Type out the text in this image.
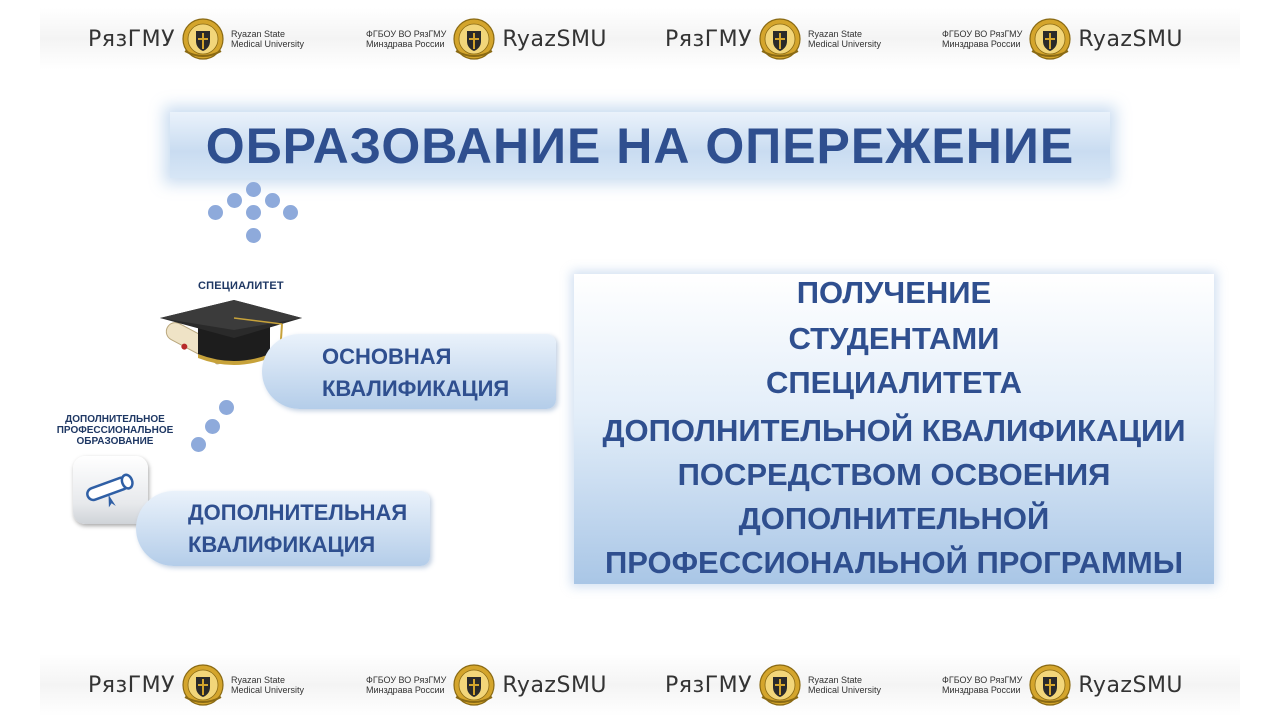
РязГМУ	Ryazan State
Medical University
ФГБОУ ВО РязГМУ
Минздрава России	RyazSMU	РязГМУ	Ryazan State
Medical University
ФГБОУ ВО РязГМУ
Минздрава России	RyazSMU
ОБРАЗОВАНИЕ НА ОПЕРЕЖЕНИЕ
СПЕЦИАЛИТЕТ
ОСНОВНАЯ
КВАЛИФИКАЦИЯ
ДОПОЛНИТЕЛЬНОЕ
ПРОФЕССИОНАЛЬНОЕ
ОБРАЗОВАНИЕ
ДОПОЛНИТЕЛЬНАЯ
КВАЛИФИКАЦИЯ
ПОЛУЧЕНИЕ
СТУДЕНТАМИ
СПЕЦИАЛИТЕТА
ДОПОЛНИТЕЛЬНОЙ КВАЛИФИКАЦИИ
ПОСРЕДСТВОМ ОСВОЕНИЯ
ДОПОЛНИТЕЛЬНОЙ
ПРОФЕССИОНАЛЬНОЙ ПРОГРАММЫ
РязГМУ	Ryazan State
Medical University
ФГБОУ ВО РязГМУ
Минздрава России	RyazSMU	РязГМУ	Ryazan State
Medical University
ФГБОУ ВО РязГМУ
Минздрава России	RyazSMU
